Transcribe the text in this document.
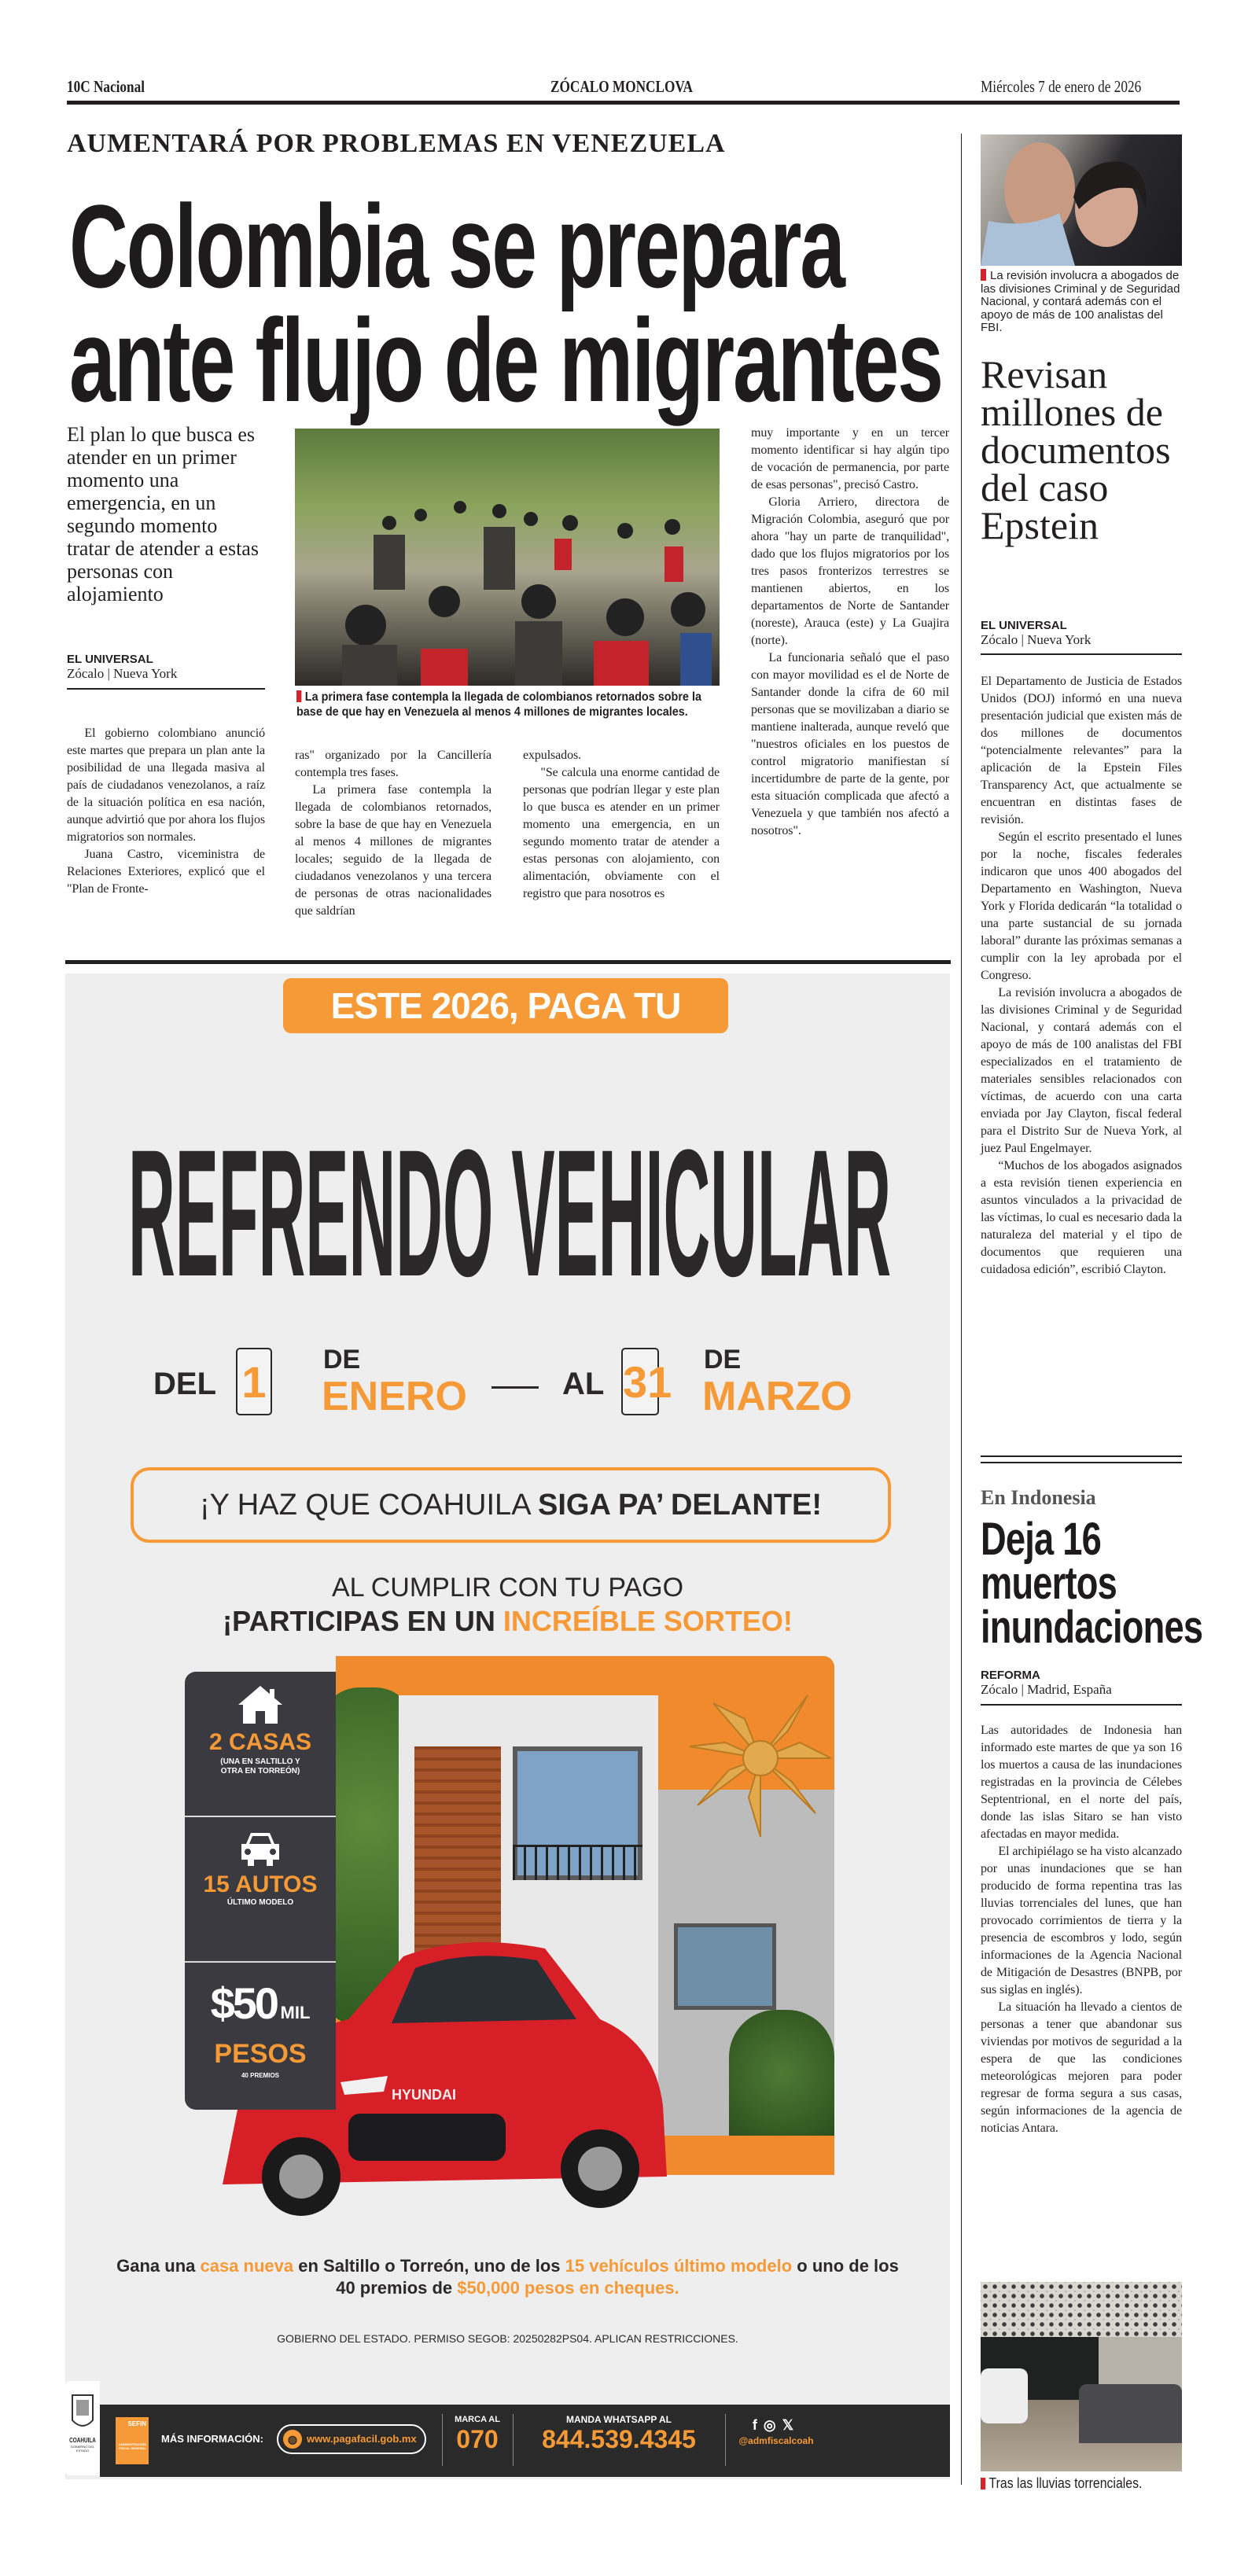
10C Nacional	ZÓCALO MONCLOVA	Miércoles 7 de enero de 2026
AUMENTARÁ POR PROBLEMAS EN VENEZUELA
Colombia se prepara
ante flujo de migrantes
El plan lo que busca es atender en un primer momento una emergencia, en un segundo momento tratar de atender a estas personas con alojamiento
EL UNIVERSAL
Zócalo | Nueva York
La primera fase contempla la llegada de colombianos retornados sobre la base de que hay en Venezuela al menos 4 millones de migrantes locales.

El gobierno colombiano anunció este martes que prepara un plan ante la posibilidad de una llegada masiva al país de ciudadanos venezolanos, a raíz de la situación política en esa nación, aunque advirtió que por ahora los flujos migratorios son normales.

Juana Castro, viceministra de Relaciones Exteriores, explicó que el "Plan de Fronte-

ras" organizado por la Cancillería contempla tres fases.

La primera fase contempla la llegada de colombianos retornados, sobre la base de que hay en Venezuela al menos 4 millones de migrantes locales; seguido de la llegada de ciudadanos venezolanos y una tercera de personas de otras nacionalidades que saldrían

expulsados.

"Se calcula una enorme cantidad de personas que podrían llegar y este plan lo que busca es atender en un primer momento una emergencia, en un segundo momento tratar de atender a estas personas con alojamiento, con alimentación, obviamente con el registro que para nosotros es

muy importante y en un tercer momento identificar si hay algún tipo de vocación de permanencia, por parte de esas personas", precisó Castro.

Gloria Arriero, directora de Migración Colombia, aseguró que por ahora "hay un parte de tranquilidad", dado que los flujos migratorios por los tres pasos fronterizos terrestres se mantienen abiertos, en los departamentos de Norte de Santander (noreste), Arauca (este) y La Guajira (norte).

La funcionaria señaló que el paso con mayor movilidad es el de Norte de Santander donde la cifra de 60 mil personas que se movilizaban a diario se mantiene inalterada, aunque reveló que "nuestros oficiales en los puestos de control migratorio manifiestan sí incertidumbre de parte de la gente, por esta situación complicada que afectó a Venezuela y que también nos afectó a nosotros".

La revisión involucra a abogados de las divisiones Criminal y de Seguridad Nacional, y contará además con el apoyo de más de 100 analistas del FBI.
Revisan millones de documentos del caso Epstein
EL UNIVERSAL
Zócalo | Nueva York

El Departamento de Justicia de Estados Unidos (DOJ) informó en una nueva presentación judicial que existen más de dos millones de documentos “potencialmente relevantes” para la aplicación de la Epstein Files Transparency Act, que actualmente se encuentran en distintas fases de revisión.

Según el escrito presentado el lunes por la noche, fiscales federales indicaron que unos 400 abogados del Departamento en Washington, Nueva York y Florida dedicarán “la totalidad o una parte sustancial de su jornada laboral” durante las próximas semanas a cumplir con la ley aprobada por el Congreso.

La revisión involucra a abogados de las divisiones Criminal y de Seguridad Nacional, y contará además con el apoyo de más de 100 analistas del FBI especializados en el tratamiento de materiales sensibles relacionados con víctimas, de acuerdo con una carta enviada por Jay Clayton, fiscal federal para el Distrito Sur de Nueva York, al juez Paul Engelmayer.

“Muchos de los abogados asignados a esta revisión tienen experiencia en asuntos vinculados a la privacidad de las víctimas, lo cual es necesario dada la naturaleza del material y el tipo de documentos que requieren una cuidadosa edición”, escribió Clayton.

En Indonesia
Deja 16
muertos
inundaciones
REFORMA
Zócalo | Madrid, España

Las autoridades de Indonesia han informado este martes de que ya son 16 los muertos a causa de las inundaciones registradas en la provincia de Célebes Septentrional, en el norte del país, donde las islas Sitaro se han visto afectadas en mayor medida.

El archipiélago se ha visto alcanzado por unas inundaciones que se han producido de forma repentina tras las lluvias torrenciales del lunes, que han provocado corrimientos de tierra y la presencia de escombros y lodo, según informaciones de la Agencia Nacional de Mitigación de Desastres (BNPB, por sus siglas en inglés).

La situación ha llevado a cientos de personas a tener que abandonar sus viviendas por motivos de seguridad a la espera de que las condiciones meteorológicas mejoren para poder regresar de forma segura a sus casas, según informaciones de la agencia de noticias Antara.

Tras las lluvias torrenciales.
ESTE 2026, PAGA TU
REFRENDO VEHICULAR
DEL 1 DE
ENERO	AL 31 DE
MARZO
¡Y HAZ QUE COAHUILA SIGA PA’ DELANTE!
AL CUMPLIR CON TU PAGO
¡PARTICIPAS EN UN INCREÍBLE SORTEO!
HYUNDAI
2 CASAS
(UNA EN SALTILLO Y OTRA EN TORREÓN)
15 AUTOS
ÚLTIMO MODELO
$50 MIL
PESOS
40 PREMIOS
Gana una casa nueva en Saltillo o Torreón, uno de los 15 vehículos último modelo o uno de los 40 premios de $50,000 pesos en cheques.
GOBIERNO DEL ESTADO. PERMISO SEGOB: 20250282PS04. APLICAN RESTRICCIONES.
COAHUILA
GOBIERNO DEL ESTADO
SEFIN
ADMINISTRACIÓN FISCAL GENERAL
MÁS INFORMACIÓN:	◍ www.pagafacil.gob.mx
MARCA AL
070
MANDA WHATSAPP AL
844.539.4345	f◎𝕏
@admfiscalcoah
